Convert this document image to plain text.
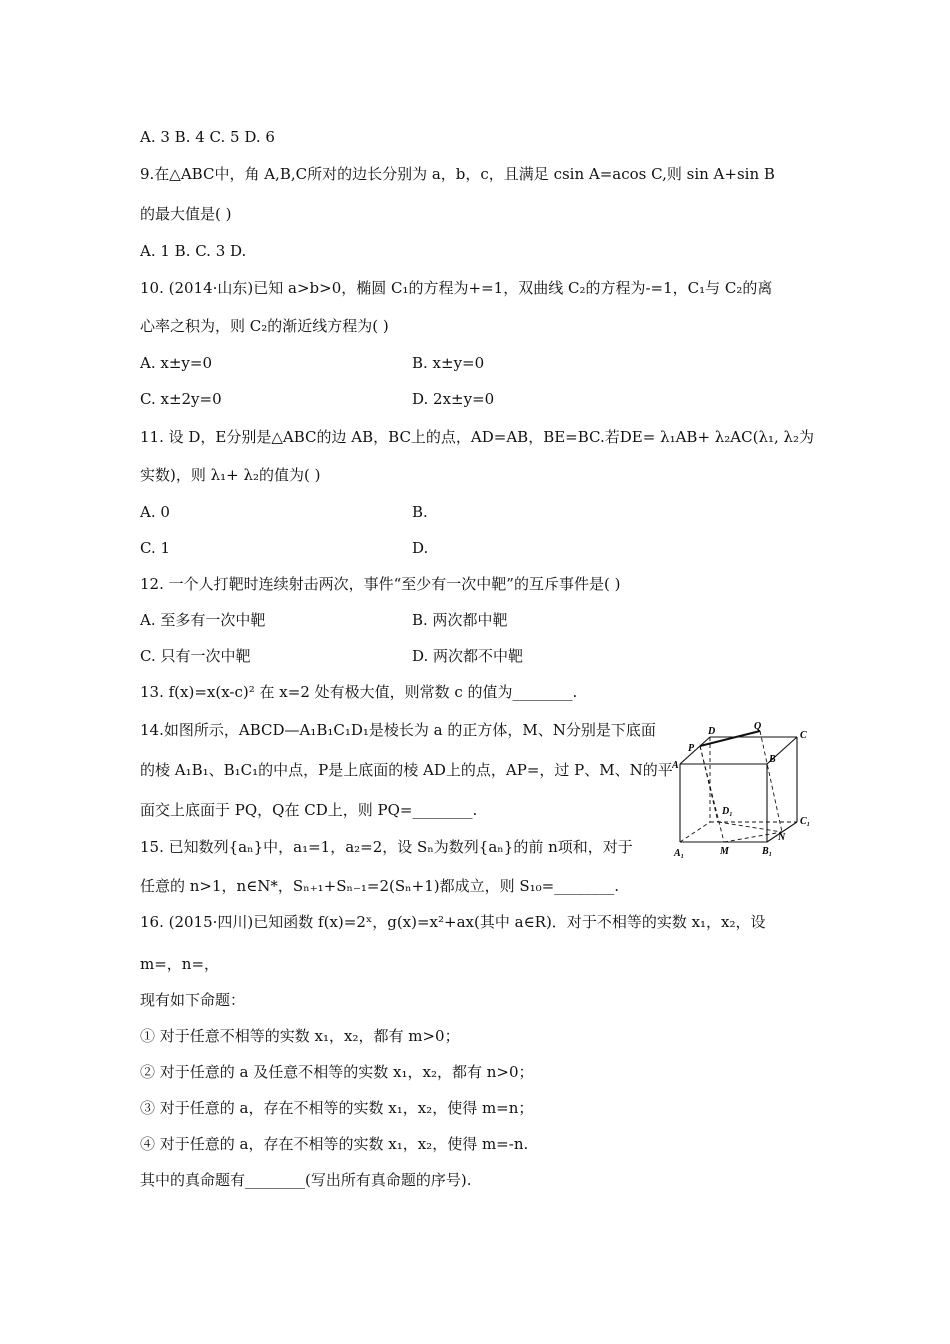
A. 3 B. 4 C. 5 D. 6
9.在△ABC中，角 A,B,C所对的边长分别为 a，b，c，且满足 csin A=acos C,则 sin A+sin B
的最大值是( )
A. 1 B. C. 3 D.
10. (2014·山东)已知 a>b>0，椭圆 C₁的方程为+=1，双曲线 C₂的方程为-=1，C₁与 C₂的离
心率之积为，则 C₂的渐近线方程为( )
A. x±y=0	B. x±y=0
C. x±2y=0	D. 2x±y=0
11. 设 D，E分别是△ABC的边 AB，BC上的点，AD=AB，BE=BC.若DE= λ₁AB+ λ₂AC(λ₁, λ₂为
实数)，则 λ₁+ λ₂的值为( )
A. 0	B.
C. 1	D.
12. 一个人打靶时连续射击两次，事件“至少有一次中靶”的互斥事件是( )
A. 至多有一次中靶	B. 两次都中靶
C. 只有一次中靶	D. 两次都不中靶
13. f(x)=x(x-c)² 在 x=2 处有极大值，则常数 c 的值为________.
14.如图所示，ABCD—A₁B₁C₁D₁是棱长为 a 的正方体，M、N分别是下底面
的棱 A₁B₁、B₁C₁的中点，P是上底面的棱 AD上的点，AP=，过 P、M、N的平
面交上底面于 PQ，Q在 CD上，则 PQ=________.
P
D	Q
C
A
B
D₁
C₁
N
A₁	M	B₁
15. 已知数列{aₙ}中，a₁=1，a₂=2，设 Sₙ为数列{aₙ}的前 n项和，对于
任意的 n>1，n∈N*，Sₙ₊₁+Sₙ₋₁=2(Sₙ+1)都成立，则 S₁₀=________.
16. (2015·四川)已知函数 f(x)=2ˣ，g(x)=x²+ax(其中 a∈R)．对于不相等的实数 x₁，x₂，设
m=，n=，
现有如下命题：
① 对于任意不相等的实数 x₁，x₂，都有 m>0；
② 对于任意的 a 及任意不相等的实数 x₁，x₂，都有 n>0；
③ 对于任意的 a，存在不相等的实数 x₁，x₂，使得 m=n；
④ 对于任意的 a，存在不相等的实数 x₁，x₂，使得 m=-n.
其中的真命题有________(写出所有真命题的序号).
